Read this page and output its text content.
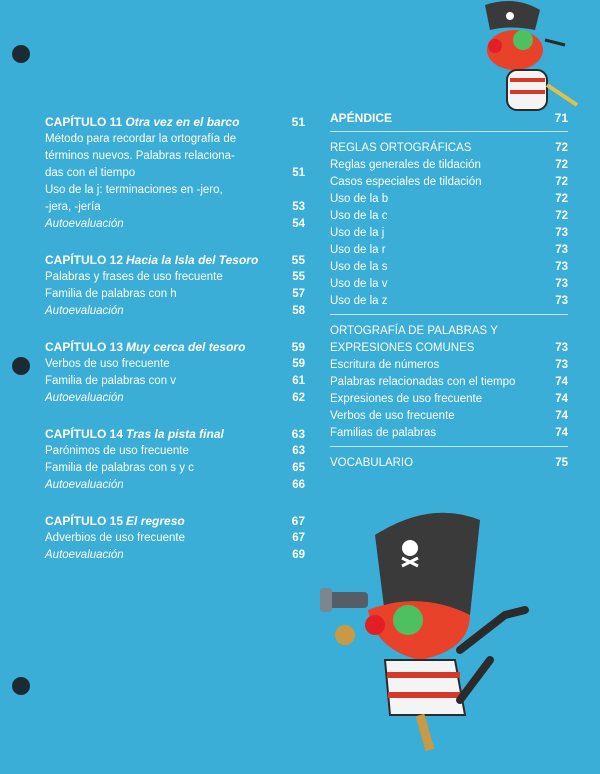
CAPÍTULO 11 Otra vez en el barco	51
Método para recordar la ortografía de
términos nuevos. Palabras relaciona-
das con el tiempo	51
Uso de la j: terminaciones en -jero,
-jera, -jería	53
Autoevaluación	54
CAPÍTULO 12 Hacia la Isla del Tesoro	55
Palabras y frases de uso frecuente	55
Familia de palabras con h	57
Autoevaluación	58
CAPÍTULO 13 Muy cerca del tesoro	59
Verbos de uso frecuente	59
Familia de palabras con v	61
Autoevaluación	62
CAPÍTULO 14 Tras la pista final	63
Parónimos de uso frecuente	63
Familia de palabras con s y c	65
Autoevaluación	66
CAPÍTULO 15 El regreso	67
Adverbios de uso frecuente	67
Autoevaluación	69
APÉNDICE	71
REGLAS ORTOGRÁFICAS	72
Reglas generales de tildación	72
Casos especiales de tildación	72
Uso de la b	72
Uso de la c	72
Uso de la j	73
Uso de la r	73
Uso de la s	73
Uso de la v	73
Uso de la z	73
ORTOGRAFÍA DE PALABRAS Y
EXPRESIONES COMUNES	73
Escritura de números	73
Palabras relacionadas con el tiempo	74
Expresiones de uso frecuente	74
Verbos de uso frecuente	74
Familias de palabras	74
VOCABULARIO	75
